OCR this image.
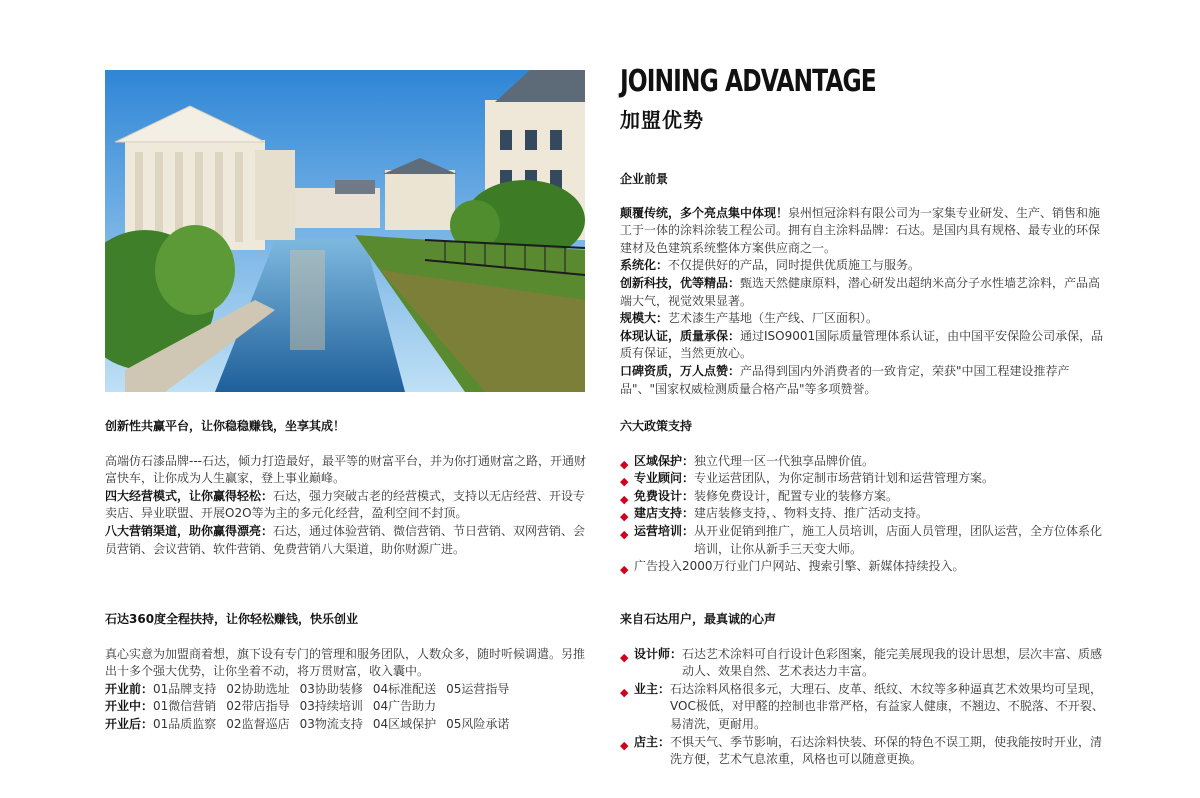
JOINING ADVANTAGE
加盟优势

企业前景

颠覆传统，多个亮点集中体现！泉州恒冠涂料有限公司为一家集专业研发、生产、销售和施工于一体的涂料涂装工程公司。拥有自主涂料品牌：石达。是国内具有规格、最专业的环保建材及色建筑系统整体方案供应商之一。

系统化：不仅提供好的产品，同时提供优质施工与服务。

创新科技，优等精品：甄选天然健康原料，潜心研发出超纳米高分子水性墙艺涂料，产品高端大气，视觉效果显著。

规模大：艺术漆生产基地（生产线、厂区面积）。

体现认证，质量承保：通过ISO9001国际质量管理体系认证，由中国平安保险公司承保，品质有保证，当然更放心。

口碑资质，万人点赞：产品得到国内外消费者的一致肯定，荣获"中国工程建设推荐产品"、"国家权威检测质量合格产品"等多项赞誉。

创新性共赢平台，让你稳稳赚钱，坐享其成！

高端仿石漆品牌---石达，倾力打造最好，最平等的财富平台，并为你打通财富之路，开通财富快车，让你成为人生赢家，登上事业巅峰。

四大经营模式，让你赢得轻松：石达，强力突破古老的经营模式，支持以无店经营、开设专卖店、异业联盟、开展O2O等为主的多元化经营，盈利空间不封顶。

八大营销渠道，助你赢得漂亮：石达，通过体验营销、微信营销、节日营销、双网营销、会员营销、会议营销、软件营销、免费营销八大渠道，助你财源广进。

六大政策支持

◆ 区域保护： 独立代理一区一代独享品牌价值。
◆ 专业顾问： 专业运营团队，为你定制市场营销计划和运营管理方案。
◆ 免费设计： 装修免费设计，配置专业的装修方案。
◆ 建店支持： 建店装修支持，、物料支持、推广活动支持。
◆ 运营培训： 从开业促销到推广，施工人员培训，店面人员管理，团队运营，全方位体系化培训，让你从新手三天变大师。
◆ 广告投入2000万行业门户网站、搜索引擎、新媒体持续投入。

石达360度全程扶持，让你轻松赚钱，快乐创业

真心实意为加盟商着想，旗下设有专门的管理和服务团队，人数众多，随时听候调遣。另推出十多个强大优势，让你坐着不动，将万贯财富，收入囊中。

开业前：01品牌支持 02协助选址 03协助装修 04标准配送 05运营指导

开业中：01微信营销 02带店指导 03持续培训 04广告助力

开业后：01品质监察 02监督巡店 03物流支持 04区域保护 05风险承诺

来自石达用户，最真诚的心声

◆ 设计师： 石达艺术涂料可自行设计色彩图案，能完美展现我的设计思想，层次丰富、质感动人、效果自然、艺术表达力丰富。
◆ 业主： 石达涂料风格很多元，大理石、皮革、纸纹、木纹等多种逼真艺术效果均可呈现，VOC极低，对甲醛的控制也非常严格，有益家人健康，不翘边、不脱落、不开裂、易清洗，更耐用。
◆ 店主： 不惧天气、季节影响，石达涂料快装、环保的特色不误工期，使我能按时开业，清洗方便，艺术气息浓重，风格也可以随意更换。
